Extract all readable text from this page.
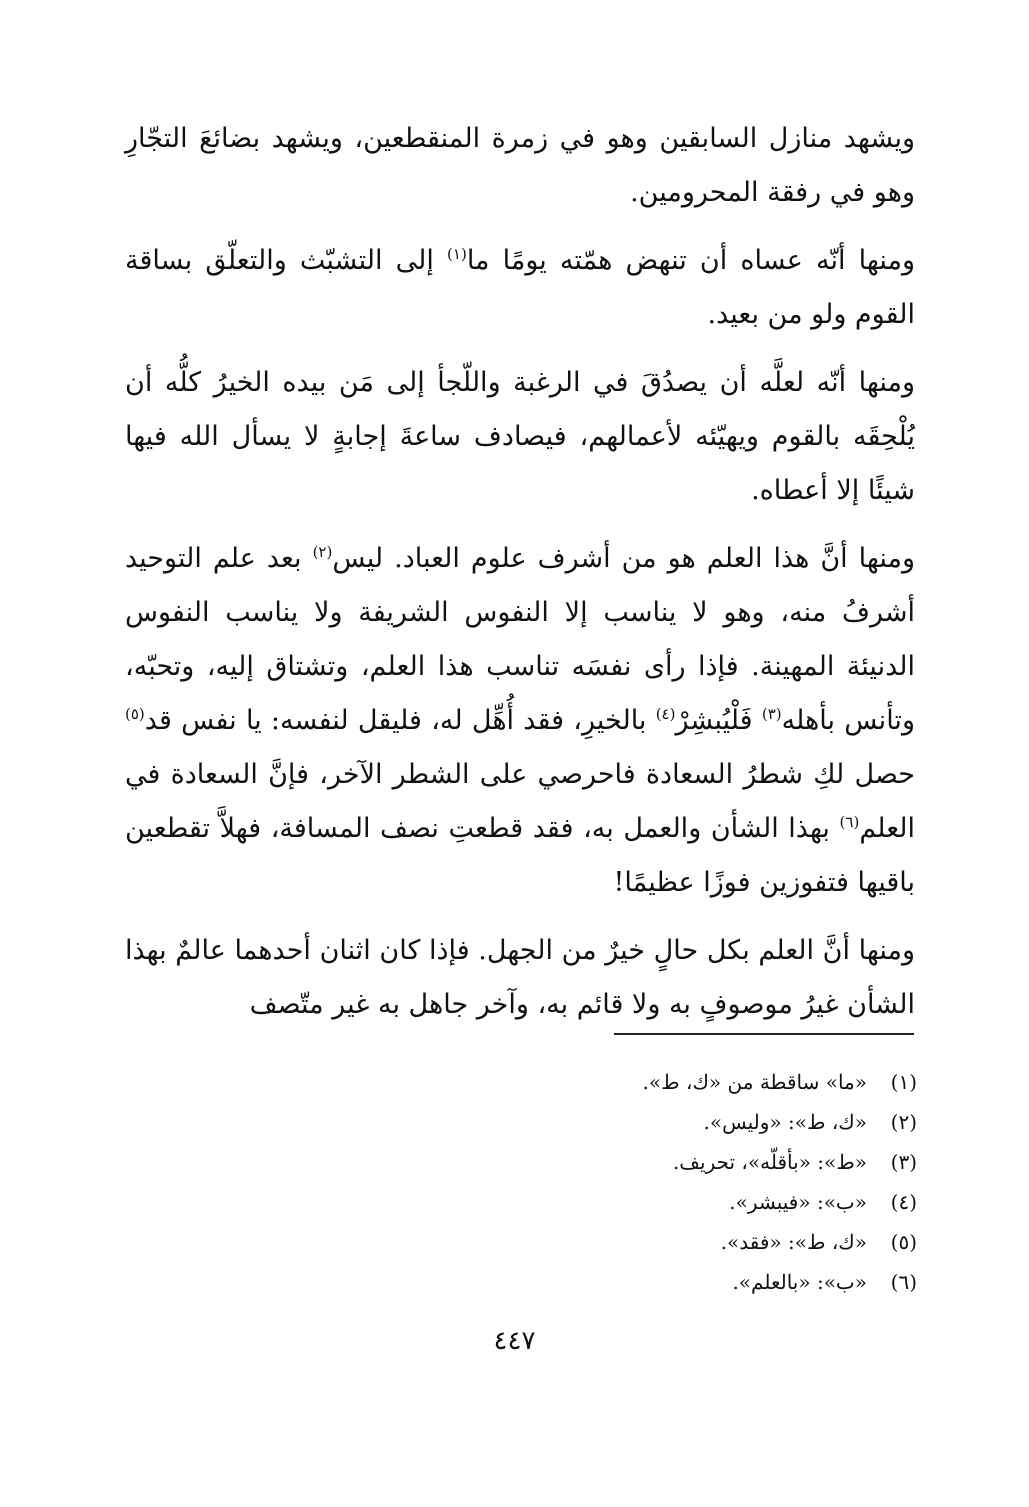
ويشهد منازل السابقين وهو في زمرة المنقطعين، ويشهد بضائعَ التجّارِ وهو في رفقة المحرومين.

ومنها أنّه عساه أن تنهض همّته يومًا ما$^{(١)}$ إلى التشبّث والتعلّق بساقة القوم ولو من بعيد.

ومنها أنّه لعلَّه أن يصدُقَ في الرغبة واللّجأ إلى مَن بيده الخيرُ كلُّه أن يُلْحِقَه بالقوم ويهيّئه لأعمالهم، فيصادف ساعةَ إجابةٍ لا يسأل الله فيها شيئًا إلا أعطاه.

ومنها أنَّ هذا العلم هو من أشرف علوم العباد. ليس$^{(٢)}$ بعد علم التوحيد أشرفُ منه، وهو لا يناسب إلا النفوس الشريفة ولا يناسب النفوس الدنيئة المهينة. فإذا رأى نفسَه تناسب هذا العلم، وتشتاق إليه، وتحبّه، وتأنس بأهله$^{(٣)}$ فَلْيُبشِرْ$^{(٤)}$ بالخيرِ، فقد أُهِّل له، فليقل لنفسه: يا نفس قد$^{(٥)}$ حصل لكِ شطرُ السعادة فاحرصي على الشطر الآخر، فإنَّ السعادة في العلم$^{(٦)}$ بهذا الشأن والعمل به، فقد قطعتِ نصف المسافة، فهلاَّ تقطعين باقيها فتفوزين فوزًا عظيمًا!

ومنها أنَّ العلم بكل حالٍ خيرٌ من الجهل. فإذا كان اثنان أحدهما عالمٌ بهذا الشأن غيرُ موصوفٍ به ولا قائم به، وآخر جاهل به غير متّصف

(١)«ما» ساقطة من «ك، ط».
(٢)«ك، ط»: «وليس».
(٣)«ط»: «بأقلّه»، تحريف.
(٤)«ب»: «فيبشر».
(٥)«ك، ط»: «فقد».
(٦)«ب»: «بالعلم».
٤٤٧
